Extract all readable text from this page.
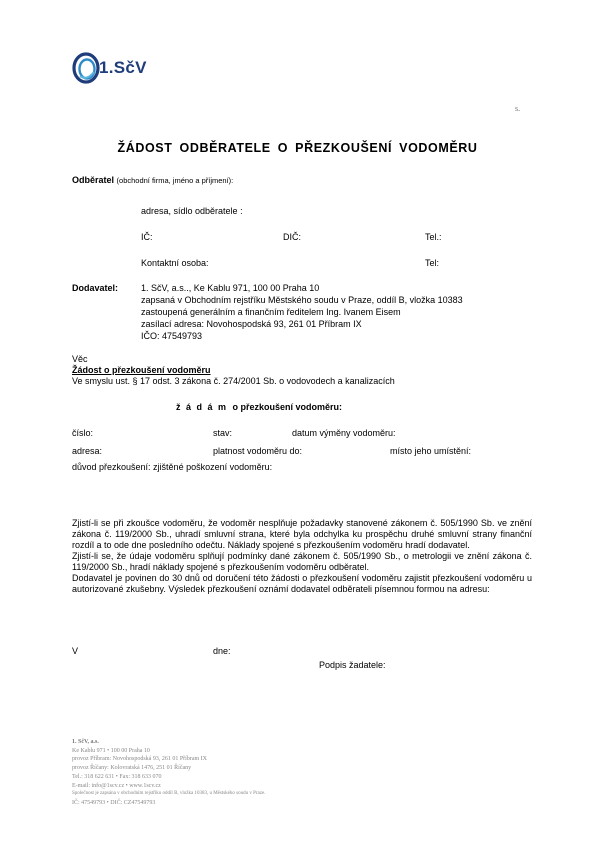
1.SčV
s.
ŽÁDOST ODBĚRATELE O PŘEZKOUŠENÍ VODOMĚRU
Odběratel (obchodní firma, jméno a příjmení):
adresa, sídlo odběratele :
IČ:	DIČ:	Tel.:
Kontaktní osoba:	Tel:
Dodavatel:	1. SčV, a.s.., Ke Kablu 971, 100 00 Praha 10
zapsaná v Obchodním rejstříku Městského soudu v Praze, oddíl B, vložka 10383
zastoupená generálním a finančním ředitelem Ing. Ivanem Eisem
zasílací adresa: Novohospodská 93, 261 01 Příbram IX
IČO: 47549793
Věc
Žádost o přezkoušení vodoměru
Ve smyslu ust. § 17 odst. 3 zákona č. 274/2001 Sb. o vodovodech a kanalizacích
ž á d á m o přezkoušení vodoměru:
číslo:	stav:	datum výměny vodoměru:
adresa:	platnost vodoměru do:	místo jeho umístění:
důvod přezkoušení: zjištěné poškození vodoměru:

Zjistí-li se při zkoušce vodoměru, že vodoměr nesplňuje požadavky stanovené zákonem č. 505/1990 Sb. ve znění zákona č. 119/2000 Sb., uhradí smluvní strana, které byla odchylka ku prospěchu druhé smluvní strany finanční rozdíl a to ode dne posledního odečtu. Náklady spojené s přezkoušením vodoměru hradí dodavatel.

Zjistí-li se, že údaje vodoměru splňují podmínky dané zákonem č. 505/1990 Sb., o metrologii ve znění zákona č. 119/2000 Sb., hradí náklady spojené s přezkoušením vodoměru odběratel.

Dodavatel je povinen do 30 dnů od doručení této žádosti o přezkoušení vodoměru zajistit přezkoušení vodoměru u autorizované zkušebny. Výsledek přezkoušení oznámí dodavatel odběrateli písemnou formou na adresu:

V	dne:
Podpis žadatele:
1. SčV, a.s.
Ke Kablu 971 • 100 00 Praha 10
provoz Příbram: Novohospodská 93, 261 01 Příbram IX
provoz Říčany: Kolovratská 1476, 251 01 Říčany
Tel.: 318 622 631 • Fax: 318 633 070
E-mail: info@1scv.cz • www.1scv.cz
Společnost je zapsána v obchodním rejstříku oddíl B, vložka 10383, u Městského soudu v Praze.
IČ: 47549793 • DIČ: CZ47549793
